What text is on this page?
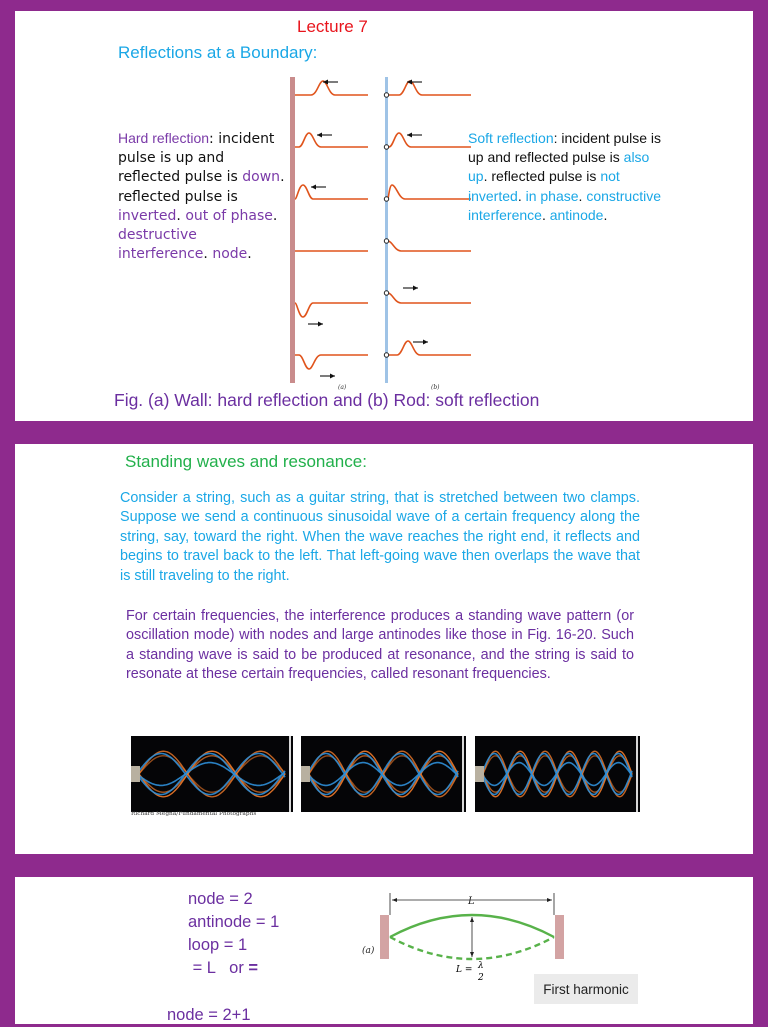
Lecture 7
Reflections at a Boundary:
Hard reflection: incident pulse is up and reflected pulse is down. reflected pulse is inverted. out of phase. destructive interference. node.
(a)	(b)
Soft reflection: incident pulse is up and reflected pulse is also up. reflected pulse is not inverted. in phase. constructive interference. antinode.
Fig. (a) Wall: hard reflection and (b) Rod: soft reflection
Standing waves and resonance:
Consider a string, such as a guitar string, that is stretched between two clamps. Suppose we send a continuous sinusoidal wave of a certain frequency along the string, say, toward the right. When the wave reaches the right end, it reflects and begins to travel back to the left. That left-going wave then overlaps the wave that is still traveling to the right.
For certain frequencies, the interference produces a standing wave pattern (or oscillation mode) with nodes and large antinodes like those in Fig. 16-20. Such a standing wave is said to be produced at resonance, and the string is said to resonate at these certain frequencies, called resonant frequencies.
Richard Megna/Fundamental Photographs
node = 2
antinode = 1
loop = 1
= L or =
node = 2+1
L
(a)
L = λ
2
First harmonic
